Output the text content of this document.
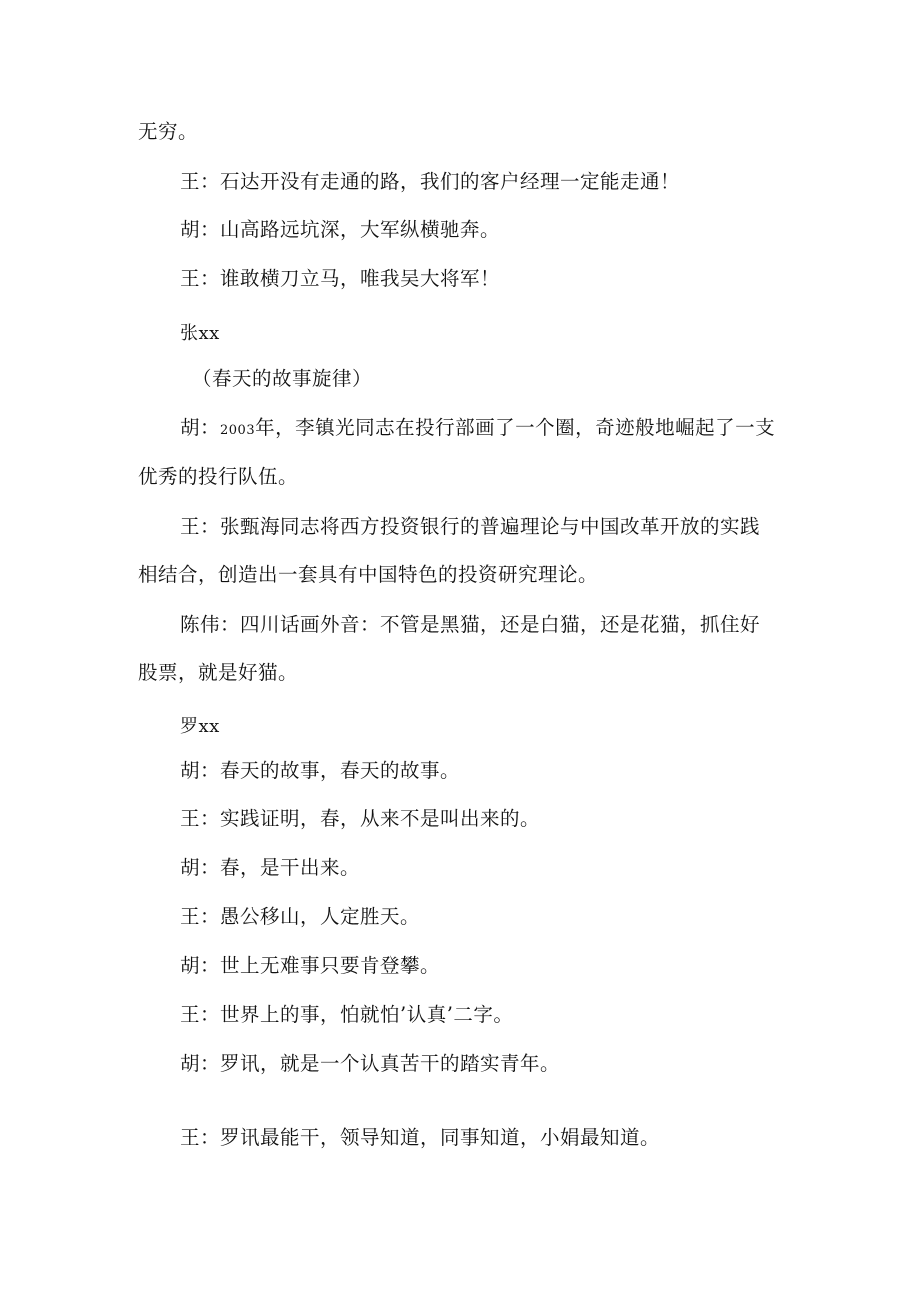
无穷。

王：石达开没有走通的路，我们的客户经理一定能走通！

胡：山高路远坑深，大军纵横驰奔。

王：谁敢横刀立马，唯我吴大将军！

张xx

（春天的故事旋律）

胡：2003年，李镇光同志在投行部画了一个圈，奇迹般地崛起了一支

优秀的投行队伍。

王：张甄海同志将西方投资银行的普遍理论与中国改革开放的实践

相结合，创造出一套具有中国特色的投资研究理论。

陈伟：四川话画外音：不管是黑猫，还是白猫，还是花猫，抓住好

股票，就是好猫。

罗xx

胡：春天的故事，春天的故事。

王：实践证明，春，从来不是叫出来的。

胡：春，是干出来。

王：愚公移山，人定胜天。

胡：世上无难事只要肯登攀。

王：世界上的事，怕就怕’认真’二字。

胡：罗讯，就是一个认真苦干的踏实青年。

王：罗讯最能干，领导知道，同事知道，小娟最知道。
